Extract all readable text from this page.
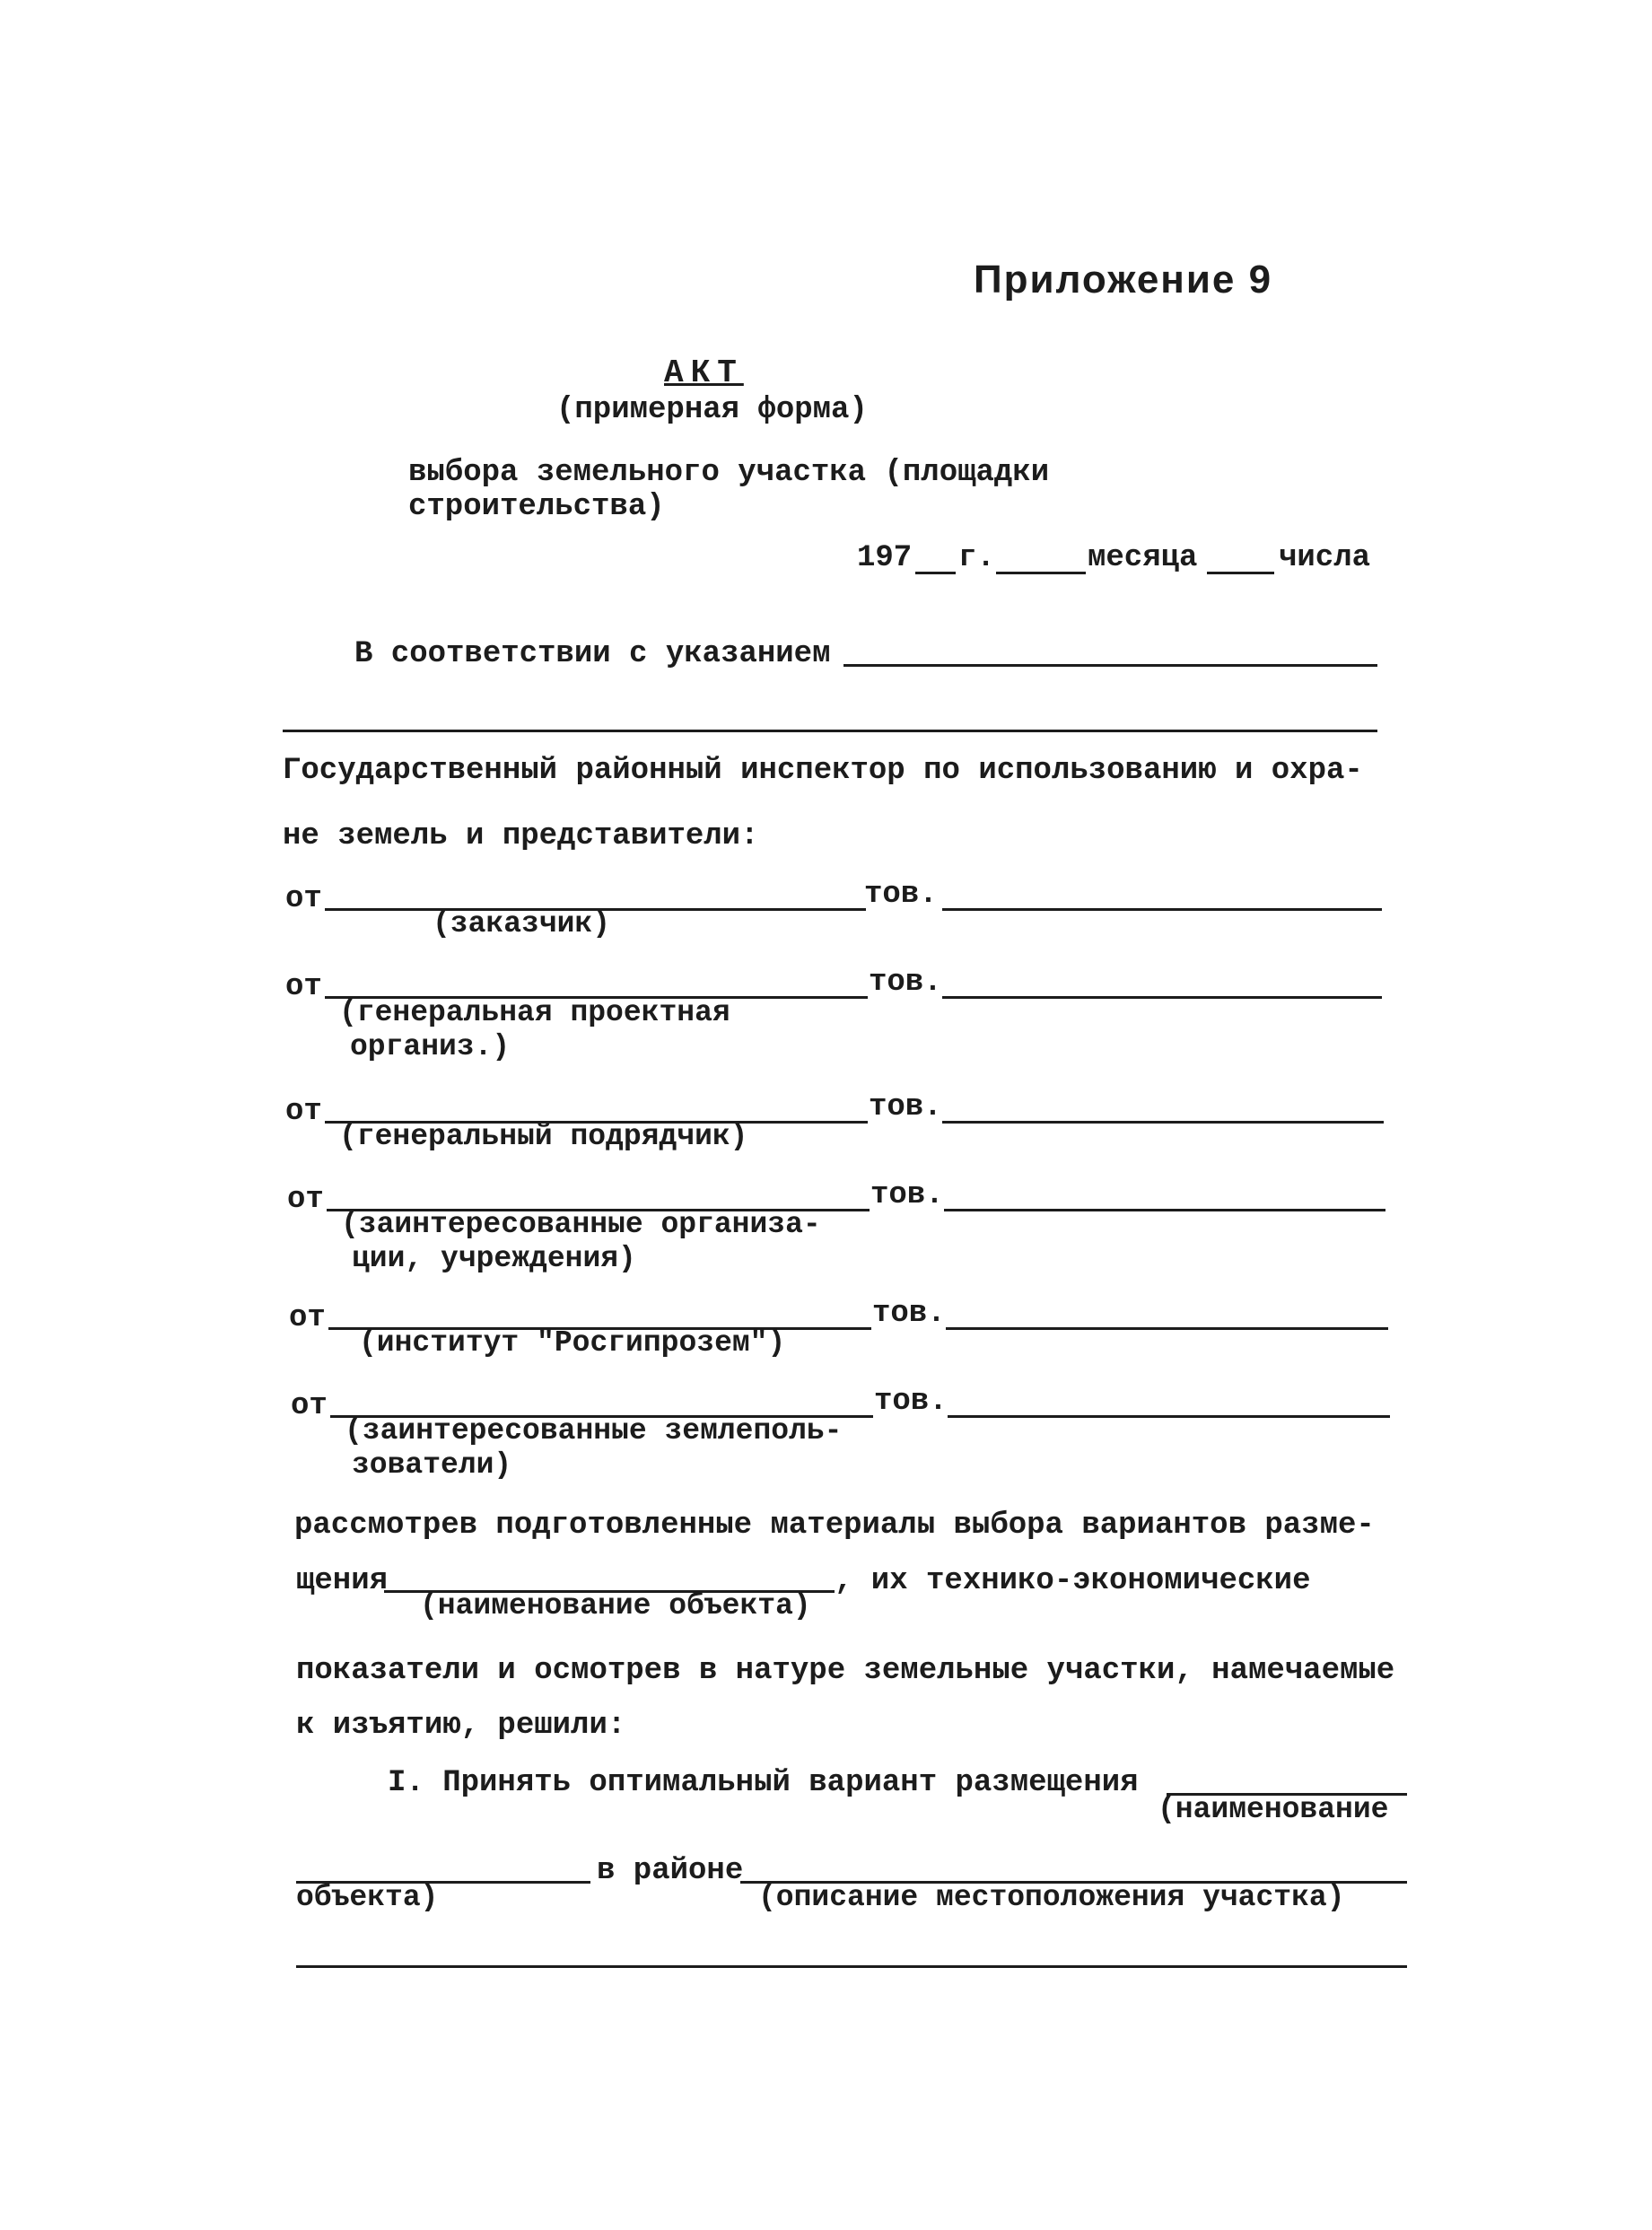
Приложение 9
АКТ
(примерная форма)
выбора земельного участка (площадки
строительства)
197 г.	месяца	числа
В соответствии с указанием
Государственный районный инспектор по использованию и охра-
не земель и представители:
от
(заказчик)
тов.
от
(генеральная проектная
организ.)
тов.
от
(генеральный подрядчик)
тов.
от
(заинтересованные организа-
ции, учреждения)
тов.
от
(институт "Росгипрозем")
тов.
от
(заинтересованные землеполь-
зователи)
тов.
рассмотрев подготовленные материалы выбора вариантов разме-
щения
(наименование объекта)
, их технико-экономические
показатели и осмотрев в натуре земельные участки, намечаемые
к изъятию, решили:
I. Принять оптимальный вариант размещения
(наименование
объекта)
в районе
(описание местоположения участка)
